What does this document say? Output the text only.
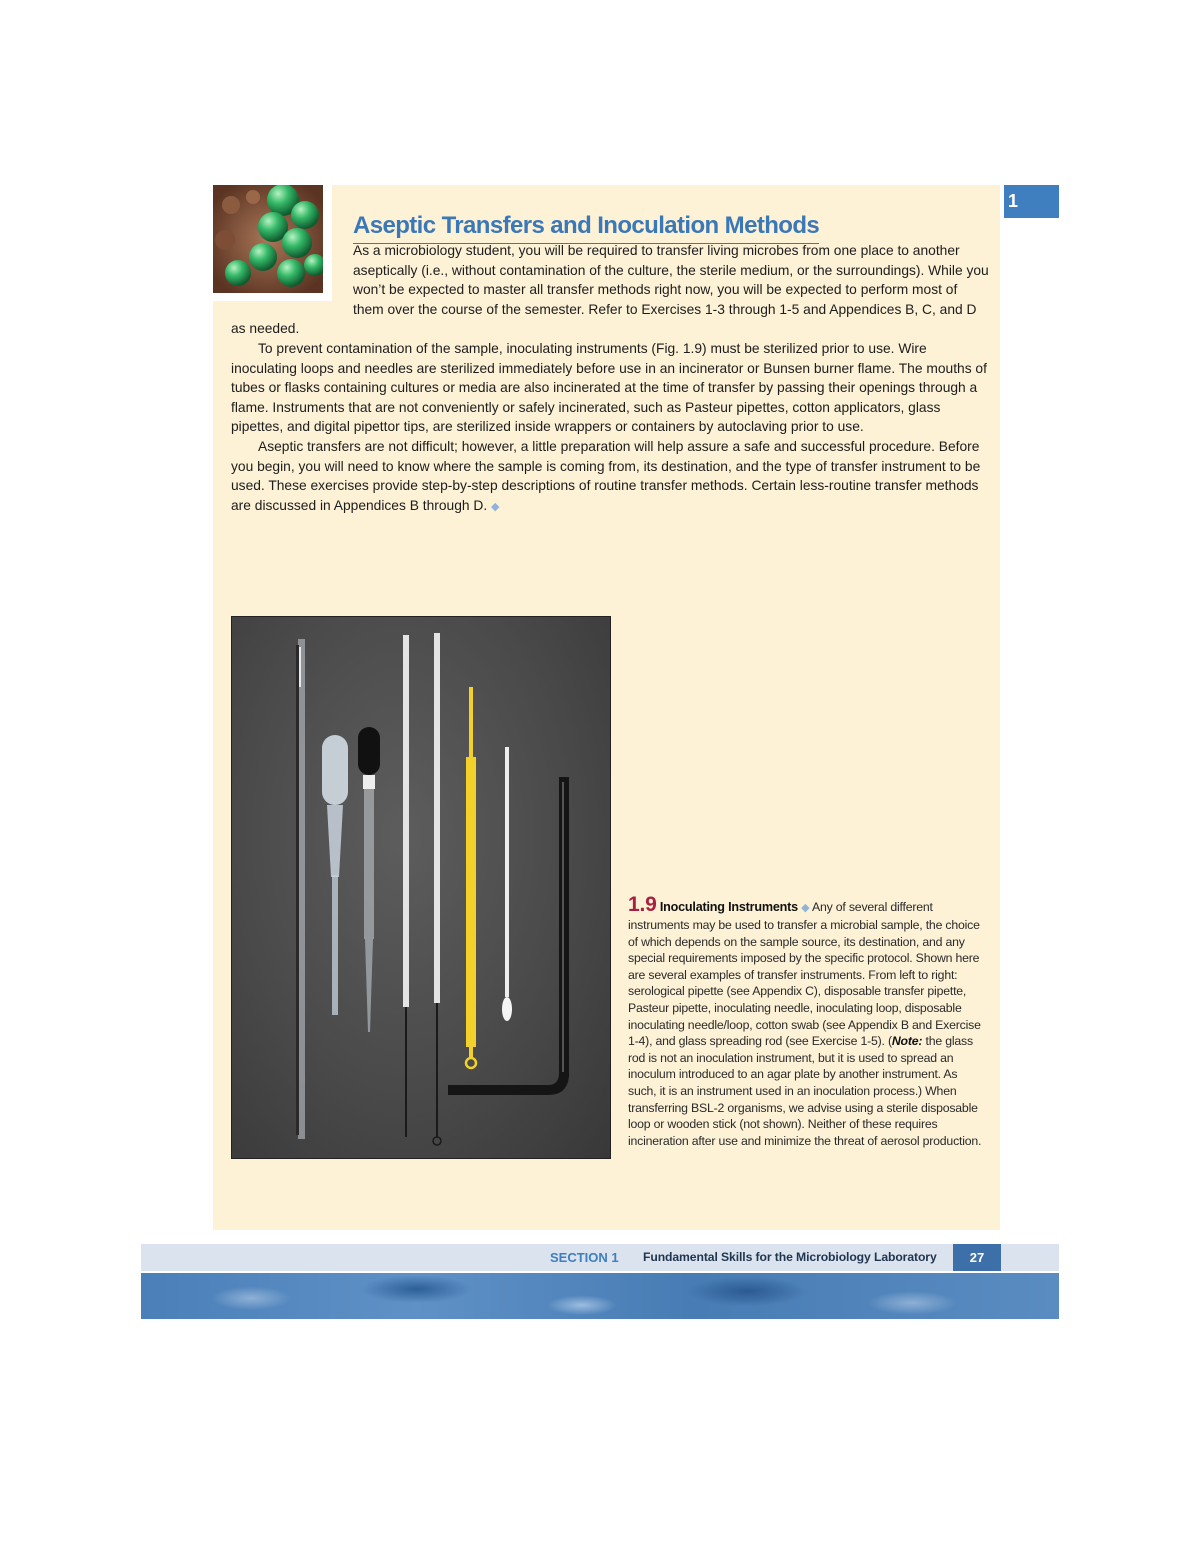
1
Aseptic Transfers and Inoculation Methods

As a microbiology student, you will be required to transfer living microbes from one place to another aseptically (i.e., without contamination of the culture, the sterile medium, or the surroundings). While you won’t be expected to master all transfer methods right now, you will be expected to perform most of them over the course of the semester. Refer to Exercises 1-3 through 1-5 and Appendices B, C, and D as needed.

To prevent contamination of the sample, inoculating instruments (Fig. 1.9) must be sterilized prior to use. Wire inoculating loops and needles are sterilized immediately before use in an incinerator or Bunsen burner flame. The mouths of tubes or flasks containing cultures or media are also incinerated at the time of transfer by passing their openings through a flame. Instruments that are not conveniently or safely incinerated, such as Pasteur pipettes, cotton applicators, glass pipettes, and digital pipettor tips, are sterilized inside wrappers or containers by autoclaving prior to use.

Aseptic transfers are not difficult; however, a little preparation will help assure a safe and successful procedure. Before you begin, you will need to know where the sample is coming from, its destination, and the type of transfer instrument to be used. These exercises provide step-by-step descriptions of routine transfer methods. Certain less-routine transfer methods are discussed in Appendices B through D. ◆

1.9 Inoculating Instruments ◆ Any of several different instruments may be used to transfer a microbial sample, the choice of which depends on the sample source, its destination, and any special requirements imposed by the specific protocol. Shown here are several examples of transfer instruments. From left to right: serological pipette (see Appendix C), disposable transfer pipette, Pasteur pipette, inoculating needle, inoculating loop, disposable inoculating needle/loop, cotton swab (see Appendix B and Exercise 1-4), and glass spreading rod (see Exercise 1-5). (Note: the glass rod is not an inoculation instrument, but it is used to spread an inoculum introduced to an agar plate by another instrument. As such, it is an instrument used in an inoculation process.) When transferring BSL-2 organisms, we advise using a sterile disposable loop or wooden stick (not shown). Neither of these requires incineration after use and minimize the threat of aerosol production.
SECTION 1 Fundamental Skills for the Microbiology Laboratory	27
